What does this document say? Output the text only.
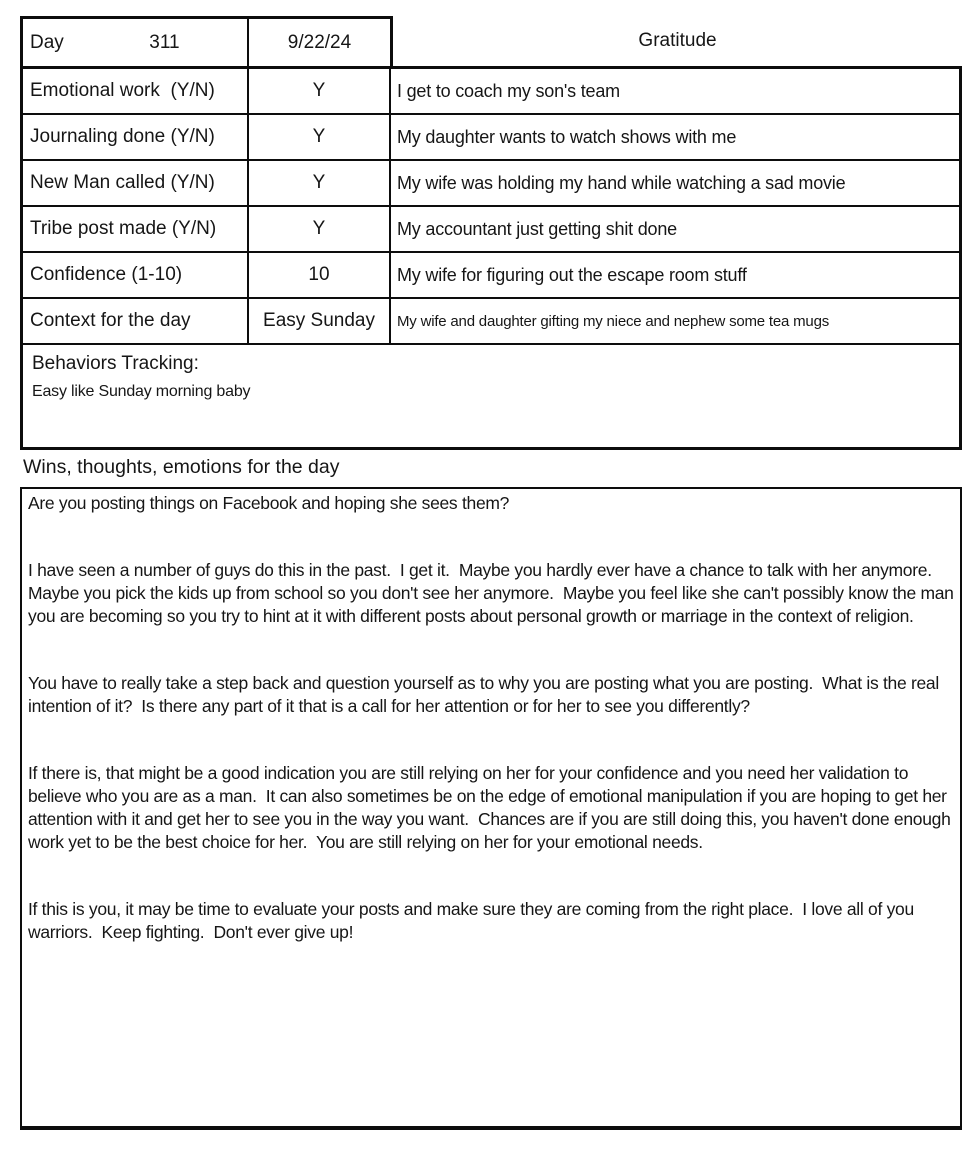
Day	311	9/22/24	Gratitude
Emotional work  (Y/N)	Y	I get to coach my son's team
Journaling done (Y/N)	Y	My daughter wants to watch shows with me
New Man called (Y/N)	Y	My wife was holding my hand while watching a sad movie
Tribe post made (Y/N)	Y	My accountant just getting shit done
Confidence (1-10)	10	My wife for figuring out the escape room stuff
Context for the day	Easy Sunday	My wife and daughter gifting my niece and nephew some tea mugs

Behaviors Tracking:

Easy like Sunday morning baby

Wins, thoughts, emotions for the day

Are you posting things on Facebook and hoping she sees them?

I have seen a number of guys do this in the past.  I get it.  Maybe you hardly ever have a chance to talk with her anymore.  Maybe you pick the kids up from school so you don't see her anymore.  Maybe you feel like she can't possibly know the man you are becoming so you try to hint at it with different posts about personal growth or marriage in the context of religion.

You have to really take a step back and question yourself as to why you are posting what you are posting.  What is the real intention of it?  Is there any part of it that is a call for her attention or for her to see you differently?

If there is, that might be a good indication you are still relying on her for your confidence and you need her validation to believe who you are as a man.  It can also sometimes be on the edge of emotional manipulation if you are hoping to get her attention with it and get her to see you in the way you want.  Chances are if you are still doing this, you haven't done enough work yet to be the best choice for her.  You are still relying on her for your emotional needs.

If this is you, it may be time to evaluate your posts and make sure they are coming from the right place.  I love all of you warriors.  Keep fighting.  Don't ever give up!
